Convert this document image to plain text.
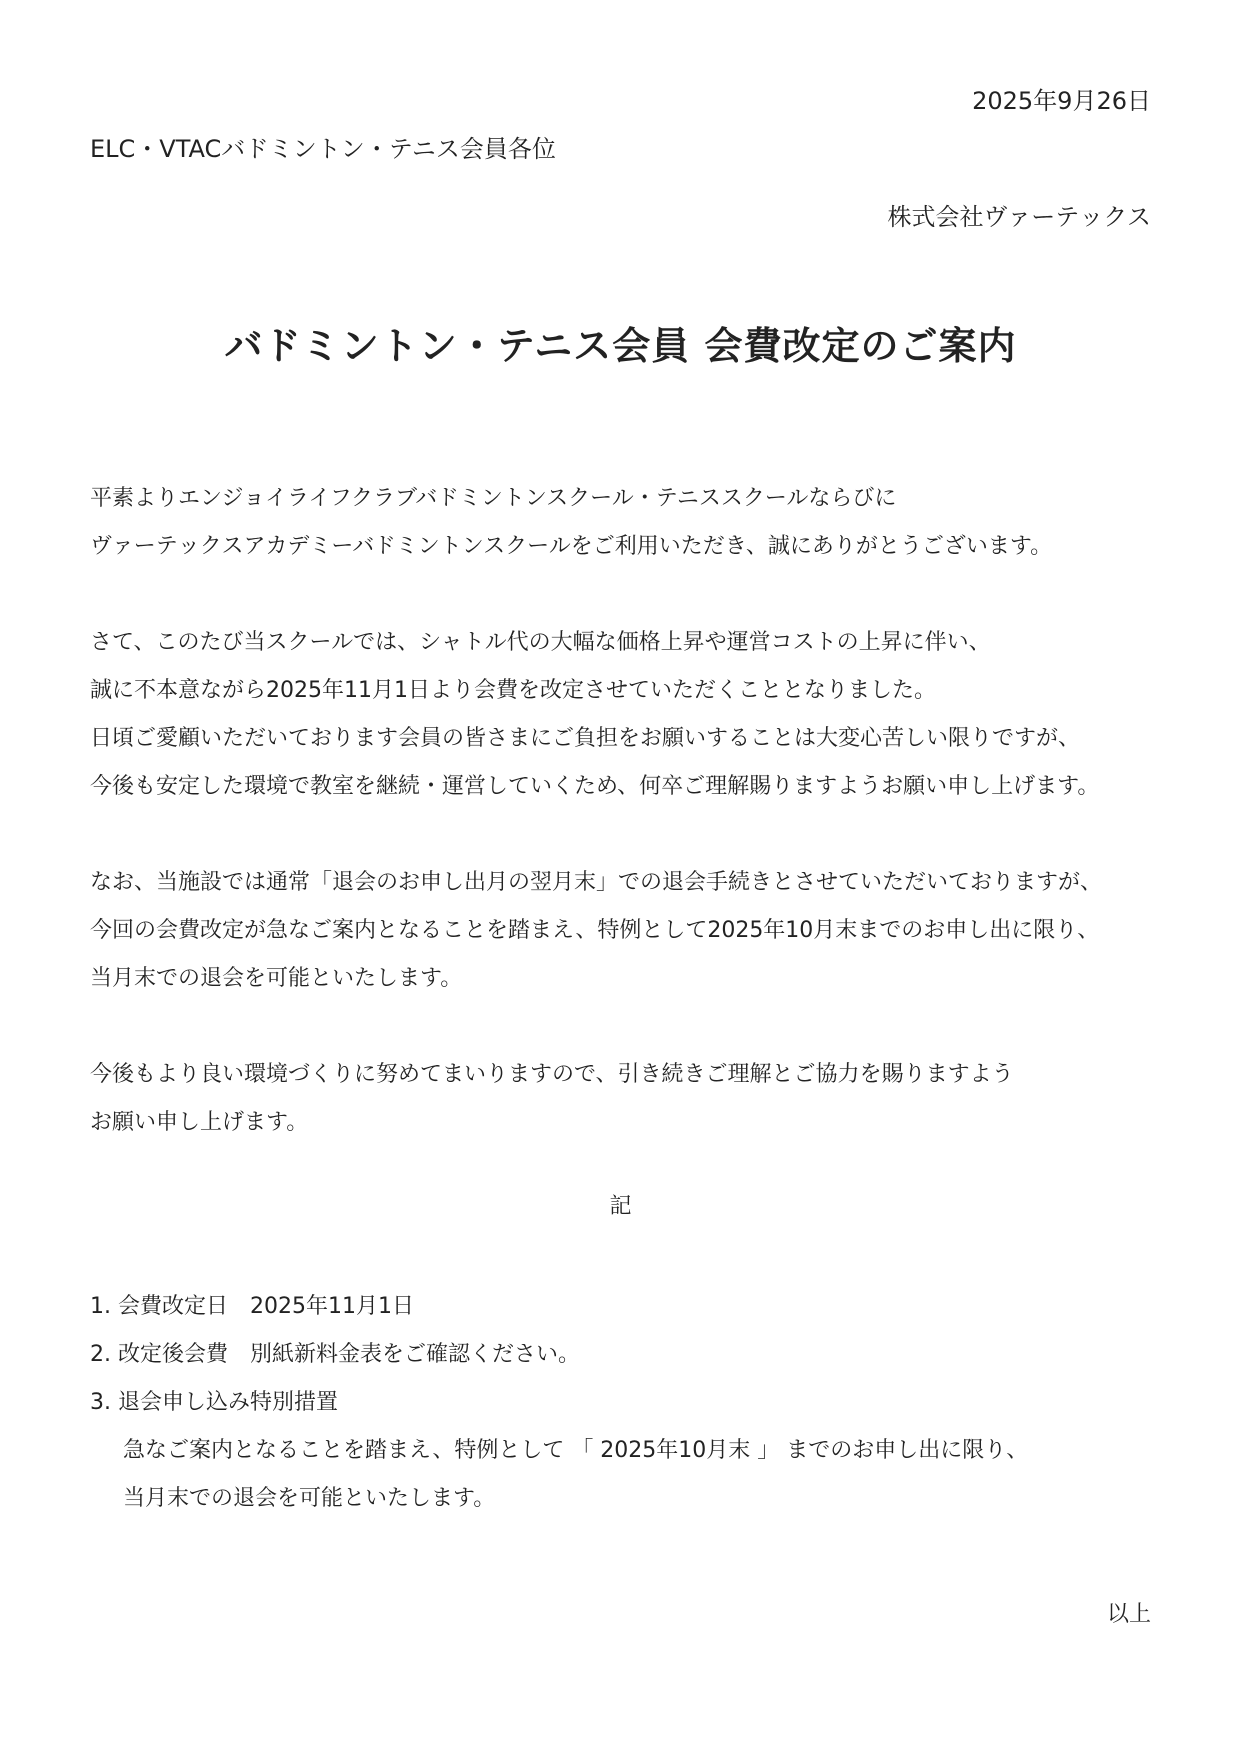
2025年9月26日
ELC・VTACバドミントン・テニス会員各位
株式会社ヴァーテックス
バドミントン・テニス会員 会費改定のご案内
平素よりエンジョイライフクラブバドミントンスクール・テニススクールならびに
ヴァーテックスアカデミーバドミントンスクールをご利用いただき、誠にありがとうございます。
さて、このたび当スクールでは、シャトル代の大幅な価格上昇や運営コストの上昇に伴い、
誠に不本意ながら2025年11月1日より会費を改定させていただくこととなりました。
日頃ご愛顧いただいております会員の皆さまにご負担をお願いすることは大変心苦しい限りですが、
今後も安定した環境で教室を継続・運営していくため、何卒ご理解賜りますようお願い申し上げます。
なお、当施設では通常「退会のお申し出月の翌月末」での退会手続きとさせていただいておりますが、
今回の会費改定が急なご案内となることを踏まえ、特例として2025年10月末までのお申し出に限り、
当月末での退会を可能といたします。
今後もより良い環境づくりに努めてまいりますので、引き続きご理解とご協力を賜りますよう
お願い申し上げます。
記
1. 会費改定日　2025年11月1日
2. 改定後会費　別紙新料金表をご確認ください。
3. 退会申し込み特別措置
急なご案内となることを踏まえ、特例として 「 2025年10月末 」 までのお申し出に限り、
当月末での退会を可能といたします。
以上
